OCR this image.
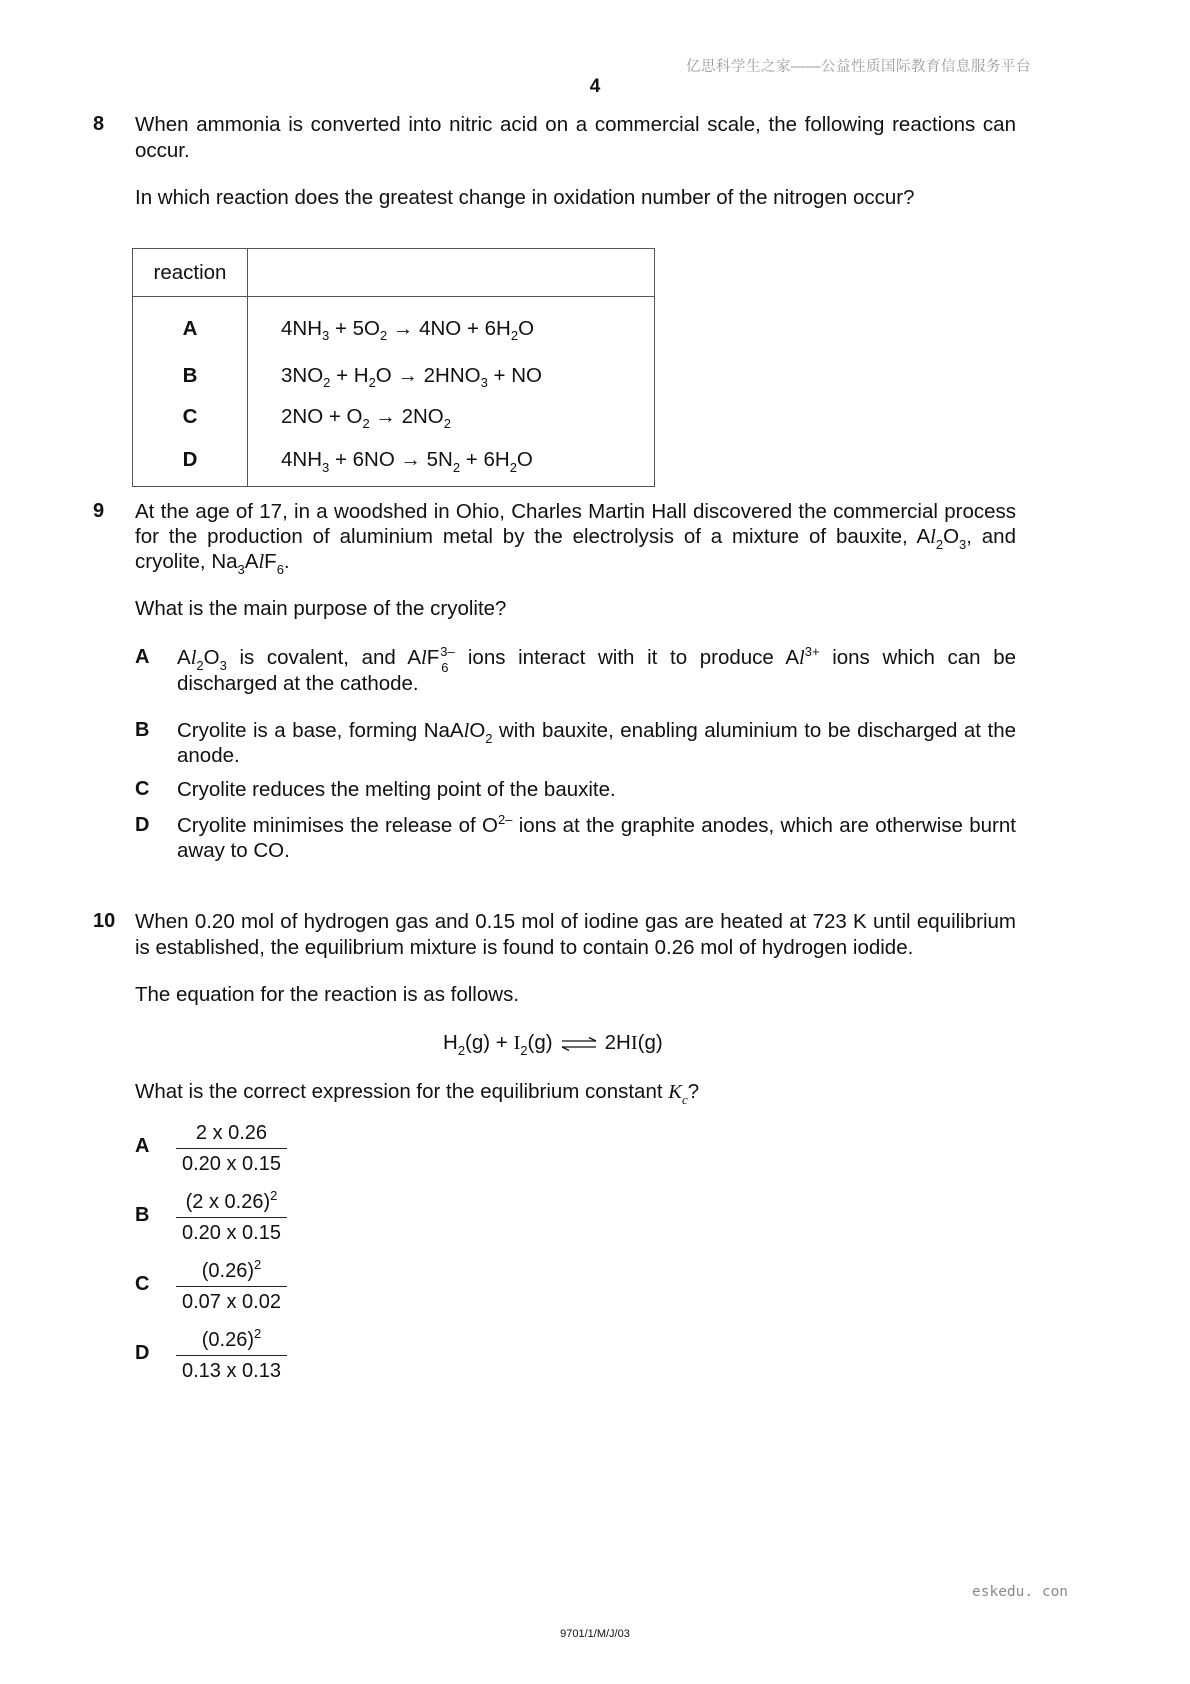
亿思科学生之家——公益性质国际教育信息服务平台
4
8 When ammonia is converted into nitric acid on a commercial scale, the following reactions can occur.
In which reaction does the greatest change in oxidation number of the nitrogen occur?
reaction	
A	$4NH_3 + 5O_2 \to 4NO + 6H_2O$
B	$3NO_2 + H_2O \to 2HNO_3$ + NO
C	$2NO + O_2 \to 2NO_2$
D	$4NH_3 + 6NO \to 5N_2 + 6H_2O$
9 At the age of 17, in a woodshed in Ohio, Charles Martin Hall discovered the commercial process
for the production of aluminium metal by the electrolysis of a mixture of bauxite, $Al_2O_3$, and
cryolite, $Na_3AlF_6$.
What is the main purpose of the cryolite?
A $Al_2O_3$ is covalent, and AlF 3–
6 ions interact with it to produce $Al^{3+}$ ions which can be
discharged at the cathode.
B Cryolite is a base, forming NaAlO$_2$ with bauxite, enabling aluminium to be discharged at the
anode.
C Cryolite reduces the melting point of the bauxite.
D Cryolite minimises the release of $O^{2-}$ ions at the graphite anodes, which are otherwise burnt
away to CO.
10 When 0.20 mol of hydrogen gas and 0.15 mol of iodine gas are heated at 723 K until equilibrium is established, the equilibrium mixture is found to contain 0.26 mol of hydrogen iodide.
The equation for the reaction is as follows.
$H_2(g) + I_2(g)$ ⇌ 2HI(g)
What is the correct expression for the equilibrium constant $K_c$?
A $\frac{2 x 0.26}{0.20 x 0.15}$
B $\frac{(2 x 0.26)^2}{0.20 x 0.15}$
C $\frac{(0.26)^2}{0.07 x 0.02}$
D $\frac{(0.26)^2}{0.13 x 0.13}$
eskedu. con
9701/1/M/J/03
